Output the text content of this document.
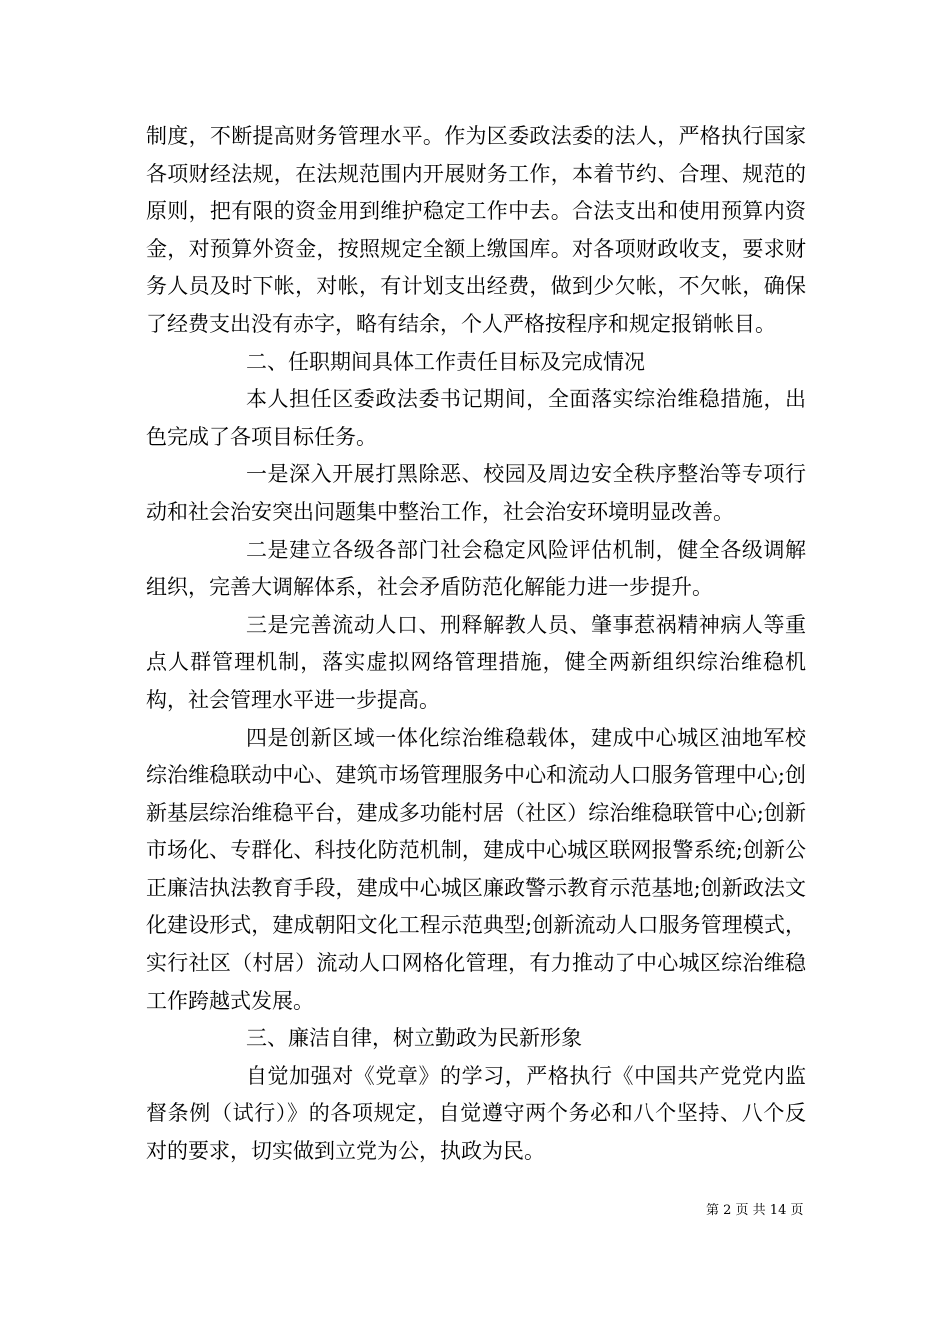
制度，不断提高财务管理水平。作为区委政法委的法人，严格执行国家各项财经法规，在法规范围内开展财务工作，本着节约、合理、规范的原则，把有限的资金用到维护稳定工作中去。合法支出和使用预算内资金，对预算外资金，按照规定全额上缴国库。对各项财政收支，要求财务人员及时下帐，对帐，有计划支出经费，做到少欠帐，不欠帐，确保了经费支出没有赤字，略有结余，个人严格按程序和规定报销帐目。

二、任职期间具体工作责任目标及完成情况

本人担任区委政法委书记期间，全面落实综治维稳措施，出色完成了各项目标任务。

一是深入开展打黑除恶、校园及周边安全秩序整治等专项行动和社会治安突出问题集中整治工作，社会治安环境明显改善。

二是建立各级各部门社会稳定风险评估机制，健全各级调解组织，完善大调解体系，社会矛盾防范化解能力进一步提升。

三是完善流动人口、刑释解教人员、肇事惹祸精神病人等重点人群管理机制，落实虚拟网络管理措施，健全两新组织综治维稳机构，社会管理水平进一步提高。

四是创新区域一体化综治维稳载体，建成中心城区油地军校综治维稳联动中心、建筑市场管理服务中心和流动人口服务管理中心;创新基层综治维稳平台，建成多功能村居（社区）综治维稳联管中心;创新市场化、专群化、科技化防范机制，建成中心城区联网报警系统;创新公正廉洁执法教育手段，建成中心城区廉政警示教育示范基地;创新政法文化建设形式，建成朝阳文化工程示范典型;创新流动人口服务管理模式，实行社区（村居）流动人口网格化管理，有力推动了中心城区综治维稳工作跨越式发展。

三、廉洁自律，树立勤政为民新形象

自觉加强对《党章》的学习，严格执行《中国共产党党内监督条例（试行）》的各项规定，自觉遵守两个务必和八个坚持、八个反对的要求，切实做到立党为公，执政为民。

第 2 页 共 14 页
